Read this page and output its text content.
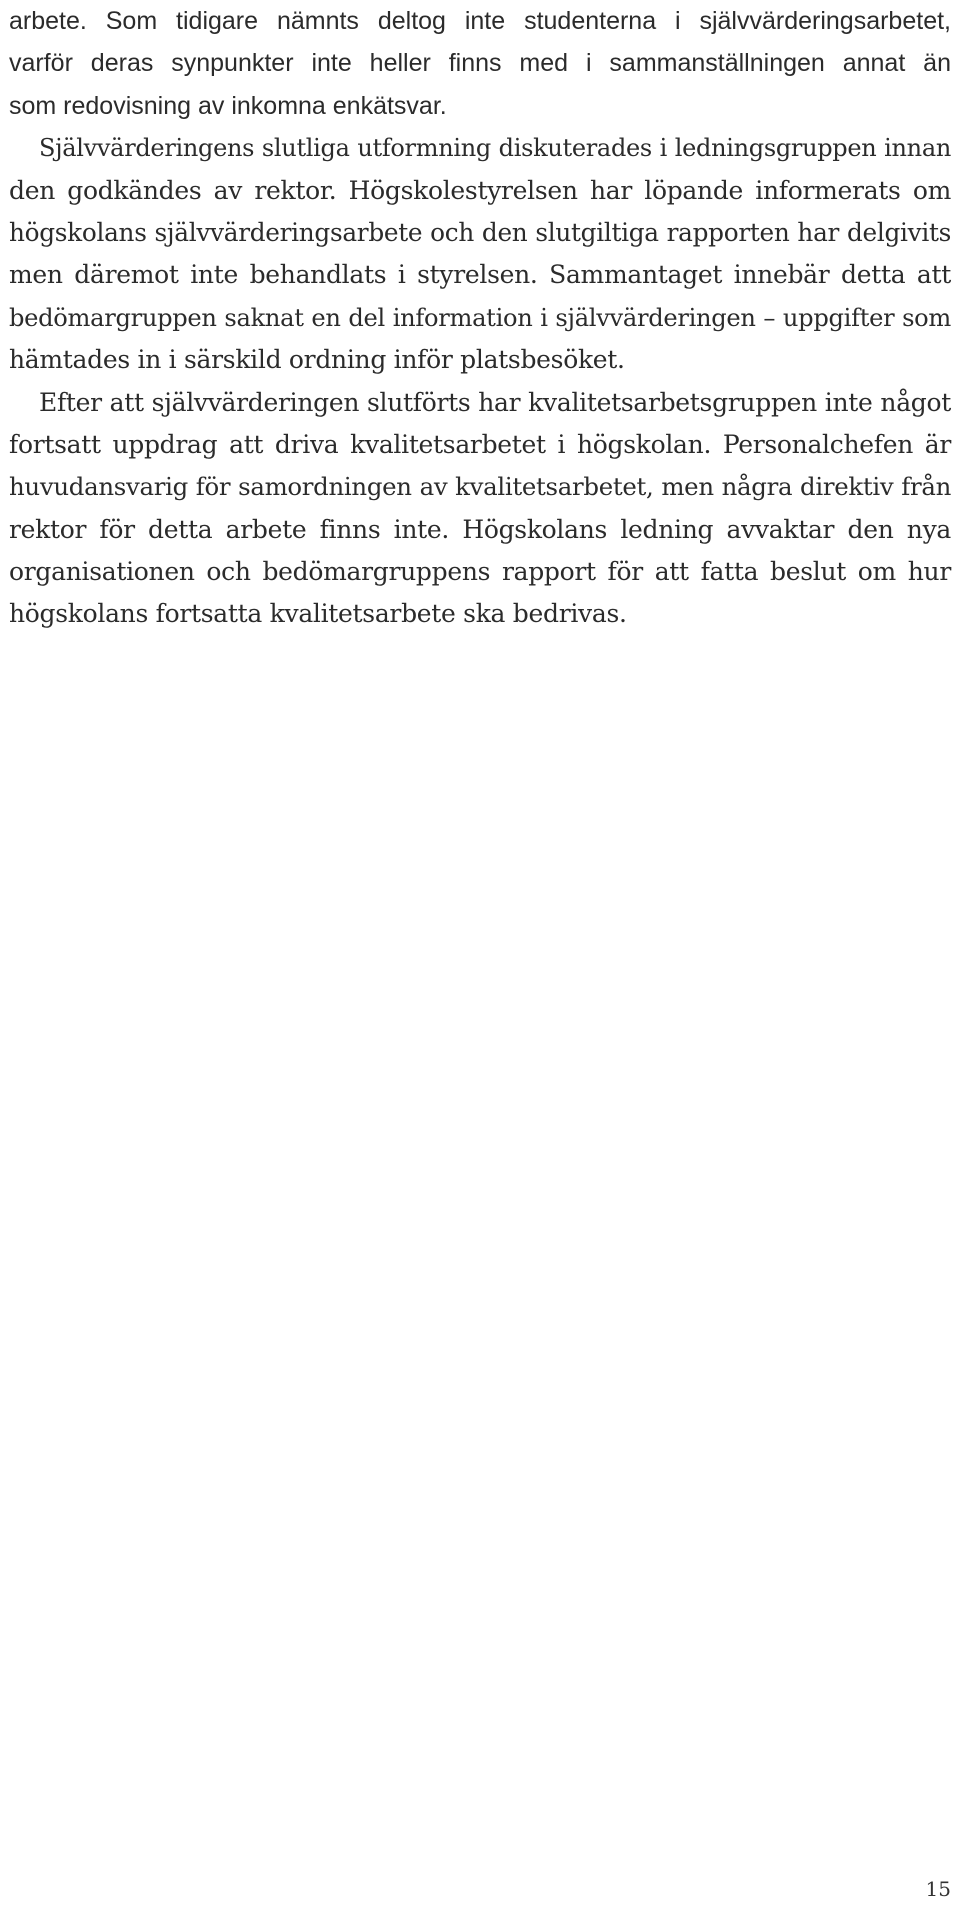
arbete. Som tidigare nämnts deltog inte studenterna i självvärderingsarbetet,
varför deras synpunkter inte heller finns med i sammanställningen annat än
som redovisning av inkomna enkätsvar.
Självvärderingens slutliga utformning diskuterades i ledningsgruppen innan
den godkändes av rektor. Högskolestyrelsen har löpande informerats om
högskolans självvärderingsarbete och den slutgiltiga rapporten har delgivits
men däremot inte behandlats i styrelsen. Sammantaget innebär detta att
bedömargruppen saknat en del information i självvärderingen – uppgifter som
hämtades in i särskild ordning inför platsbesöket.
Efter att självvärderingen slutförts har kvalitetsarbetsgruppen inte något
fortsatt uppdrag att driva kvalitetsarbetet i högskolan. Personalchefen är
huvudansvarig för samordningen av kvalitetsarbetet, men några direktiv från
rektor för detta arbete finns inte. Högskolans ledning avvaktar den nya
organisationen och bedömargruppens rapport för att fatta beslut om hur
högskolans fortsatta kvalitetsarbete ska bedrivas.
15
